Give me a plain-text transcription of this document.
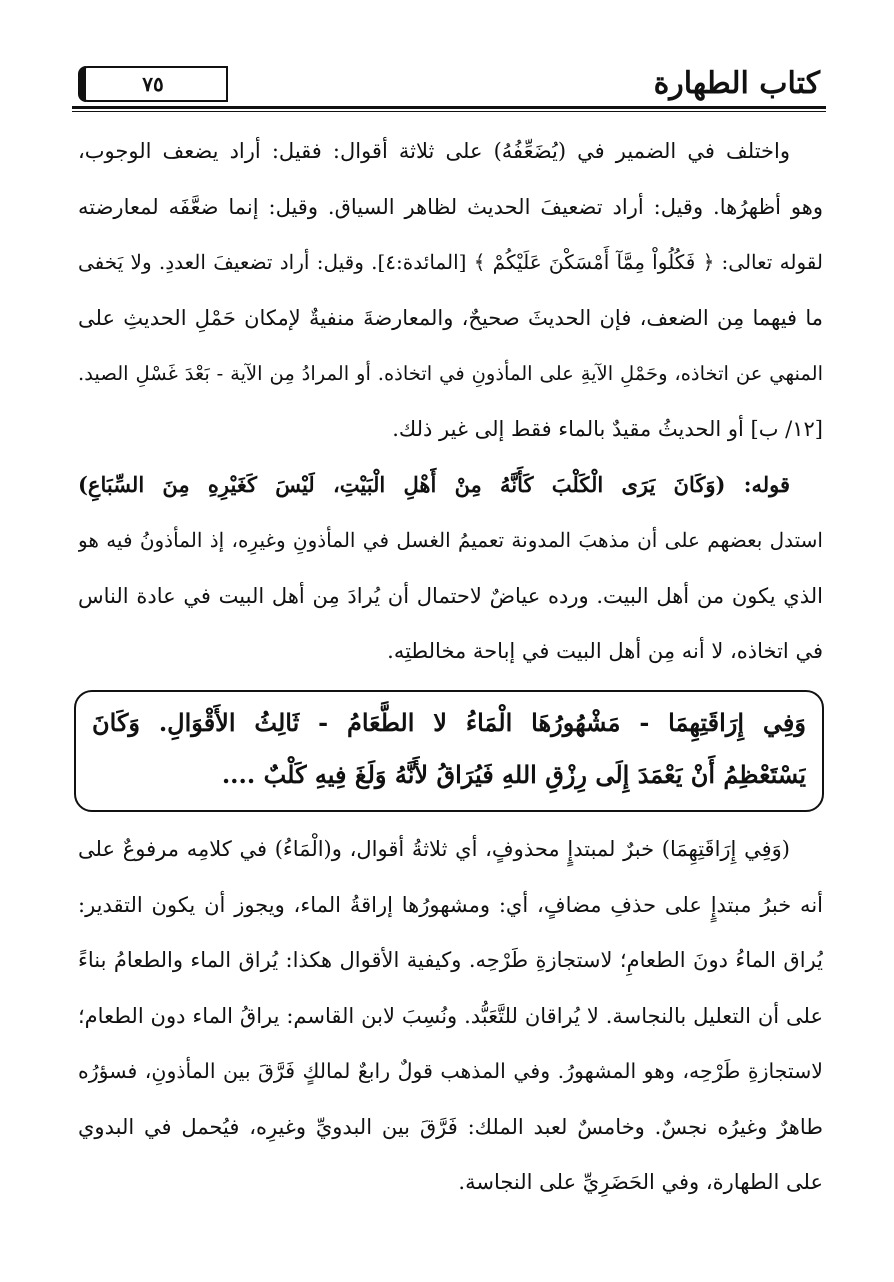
كتاب الطهارة
٧٥
واختلف في الضمير في (يُضَعِّفُهُ) على ثلاثة أقوال: فقيل: أراد يضعف الوجوب،
وهو أظهرُها. وقيل: أراد تضعيفَ الحديث لظاهر السياق. وقيل: إنما ضعَّفَه لمعارضته
لقوله تعالى: ﴿ فَكُلُواْ مِمَّآ أَمْسَكْنَ عَلَيْكُمْ ﴾ [المائدة:٤]. وقيل: أراد تضعيفَ العددِ. ولا يَخفى
ما فيهما مِن الضعف، فإن الحديثَ صحيحٌ، والمعارضةَ منفيةٌ لإمكان حَمْلِ الحديثِ على
المنهي عن اتخاذه، وحَمْلِ الآيةِ على المأذونِ في اتخاذه. أو المرادُ مِن الآية - بَعْدَ غَسْلِ الصيد.
[١٢/ ب] أو الحديثُ مقيدٌ بالماء فقط إلى غير ذلك.
قوله: (وَكَانَ يَرَى الْكَلْبَ كَأَنَّهُ مِنْ أَهْلِ الْبَيْتِ، لَيْسَ كَغَيْرِهِ مِنَ السِّبَاعِ)
استدل بعضهم على أن مذهبَ المدونة تعميمُ الغسل في المأذونِ وغيرِه، إذ المأذونُ فيه هو
الذي يكون من أهل البيت. ورده عياضٌ لاحتمال أن يُرادَ مِن أهل البيت في عادة الناس
في اتخاذه، لا أنه مِن أهل البيت في إباحة مخالطتِه.
وَفِي إِرَاقَتِهِمَا - مَشْهُورُهَا الْمَاءُ لا الطَّعَامُ - ثَالِثُ الأَقْوَالِ. وَكَانَ
يَسْتَعْظِمُ أَنْ يَعْمَدَ إِلَى رِزْقِ اللهِ فَيُرَاقُ لأَنَّهُ وَلَغَ فِيهِ كَلْبٌ ....
(وَفِي إِرَاقَتِهِمَا) خبرٌ لمبتدإٍ محذوفٍ، أي ثلاثةُ أقوال، و(الْمَاءُ) في كلامِه مرفوعٌ على
أنه خبرُ مبتدإٍ على حذفِ مضافٍ، أي: ومشهورُها إراقةُ الماء، ويجوز أن يكون التقدير:
يُراق الماءُ دونَ الطعامِ؛ لاستجازةِ طَرْحِه. وكيفية الأقوال هكذا: يُراق الماء والطعامُ بناءً
على أن التعليل بالنجاسة. لا يُراقان للتَّعَبُّد. ونُسِبَ لابن القاسم: يراقُ الماء دون الطعام؛
لاستجازةِ طَرْحِه، وهو المشهورُ. وفي المذهب قولٌ رابعٌ لمالكٍ فَرَّقَ بين المأذونِ، فسؤرُه
طاهرٌ وغيرُه نجسٌ. وخامسٌ لعبد الملك: فَرَّقَ بين البدويِّ وغيرِه، فيُحمل في البدوي
على الطهارة، وفي الحَضَرِيِّ على النجاسة.
